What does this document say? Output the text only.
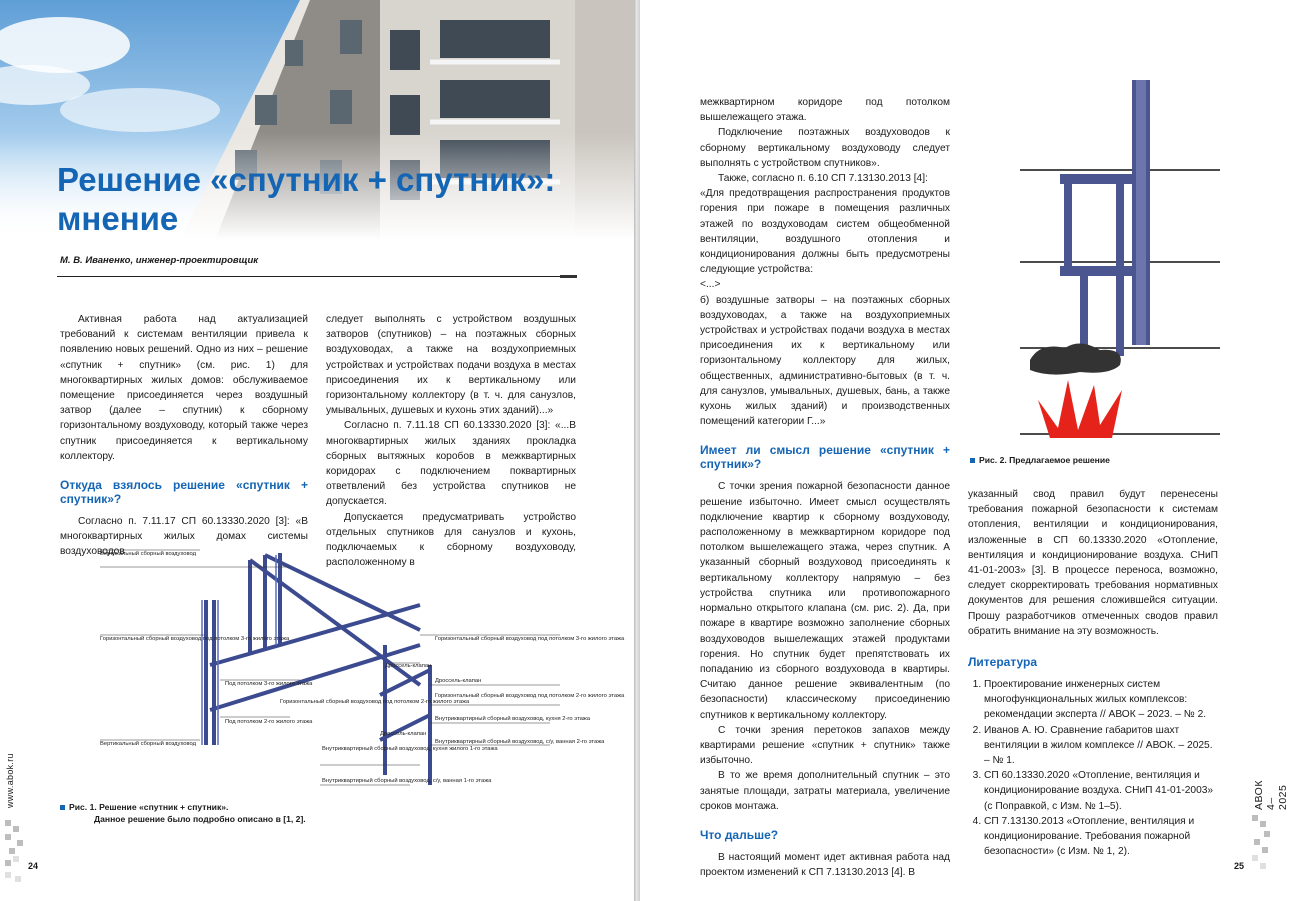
Решение «спутник + спутник»: мнение
М. В. Иваненко, инженер-проектировщик

Активная работа над актуализацией требований к системам вентиляции привела к появлению новых решений. Одно из них – решение «спутник + спутник» (см. рис. 1) для многоквартирных жилых домов: обслуживаемое помещение присоединяется через воздушный затвор (далее – спутник) к сборному горизонтальному воздуховоду, который также через спутник присоединяется к вертикальному коллектору.

Откуда взялось решение «спутник + спутник»?

Согласно п. 7.11.17 СП 60.13330.2020 [3]: «В многоквартирных жилых домах системы воздуховодов

следует выполнять с устройством воздушных затворов (спутников) – на поэтажных сборных воздуховодах, а также на воздухоприемных устройствах и устройствах подачи воздуха в местах присоединения их к вертикальному или горизонтальному коллектору (в т. ч. для санузлов, умывальных, душевых и кухонь этих зданий)...»

Согласно п. 7.11.18 СП 60.13330.2020 [3]: «...В многоквартирных жилых зданиях прокладка сборных вытяжных коробов в межквартирных коридорах с подключением поквартирных ответвлений без устройства спутников не допускается.

Допускается предусматривать устройство отдельных спутников для санузлов и кухонь, подключаемых к сборному воздуховоду, расположенному в

Вертикальный сборный воздуховод
Горизонтальный сборный воздуховод под потолком 3-го жилого этажа
Под потолком 3-го жилого этажа
Горизонтальный сборный воздуховод под потолком 2-го жилого этажа
Под потолком 2-го жилого этажа
Вертикальный сборный воздуховод
Горизонтальный сборный воздуховод под потолком 3-го жилого этажа
Дроссель-клапан
Дроссель-клапан
Горизонтальный сборный воздуховод под потолком 2-го жилого этажа
Внутриквартирный сборный воздуховод, кухня 2-го этажа
Дроссель-клапан
Внутриквартирный сборный воздуховод, кухня жилого 1-го этажа
Внутриквартирный сборный воздуховод, с/у, ванная 2-го этажа
Внутриквартирный сборный воздуховод, с/у, ванная 1-го этажа
Рис. 1. Решение «спутник + спутник».
Данное решение было подробно описано в [1, 2].
www.abok.ru
24

межквартирном коридоре под потолком вышележащего этажа.

Подключение поэтажных воздуховодов к сборному вертикальному воздуховоду следует выполнять с устройством спутников».

Также, согласно п. 6.10 СП 7.13130.2013 [4]:

«Для предотвращения распространения продуктов горения при пожаре в помещения различных этажей по воздуховодам систем общеобменной вентиляции, воздушного отопления и кондиционирования должны быть предусмотрены следующие устройства:

<...>

б) воздушные затворы – на поэтажных сборных воздуховодах, а также на воздухоприемных устройствах и устройствах подачи воздуха в местах присоединения их к вертикальному или горизонтальному коллектору для жилых, общественных, административно-бытовых (в т. ч. для санузлов, умывальных, душевых, бань, а также кухонь жилых зданий) и производственных помещений категории Г...»

Имеет ли смысл решение «спутник + спутник»?

С точки зрения пожарной безопасности данное решение избыточно. Имеет смысл осуществлять подключение квартир к сборному воздуховоду, расположенному в межквартирном коридоре под потолком вышележащего этажа, через спутник. А указанный сборный воздуховод присоединять к вертикальному коллектору напрямую – без устройства спутника или противопожарного нормально открытого клапана (см. рис. 2). Да, при пожаре в квартире возможно заполнение сборных воздуховодов вышележащих этажей продуктами горения. Но спутник будет препятствовать их попаданию из сборного воздуховода в квартиры. Считаю данное решение эквивалентным (по безопасности) классическому присоединению спутников к вертикальному коллектору.

С точки зрения перетоков запахов между квартирами решение «спутник + спутник» также избыточно.

В то же время дополнительный спутник – это занятые площади, затраты материала, увеличение сроков монтажа.

Что дальше?

В настоящий момент идет активная работа над проектом изменений к СП 7.13130.2013 [4]. В

Рис. 2. Предлагаемое решение

указанный свод правил будут перенесены требования пожарной безопасности к системам отопления, вентиляции и кондиционирования, изложенные в СП 60.13330.2020 «Отопление, вентиляция и кондиционирование воздуха. СНиП 41-01-2003» [3]. В процессе переноса, возможно, следует скорректировать требования нормативных документов для решения сложившейся ситуации. Прошу разработчиков отмеченных сводов правил обратить внимание на эту возможность.

Литература
1. Проектирование инженерных систем многофункциональных жилых комплексов: рекомендации эксперта // АВОК – 2023. – № 2.
2. Иванов А. Ю. Сравнение габаритов шахт вентиляции в жилом комплексе // АВОК. – 2025. – № 1.
3. СП 60.13330.2020 «Отопление, вентиляция и кондиционирование воздуха. СНиП 41-01-2003» (с Поправкой, с Изм. № 1–5).
4. СП 7.13130.2013 «Отопление, вентиляция и кондиционирование. Требования пожарной безопасности» (с Изм. № 1, 2).
АВОК 4–2025
25
